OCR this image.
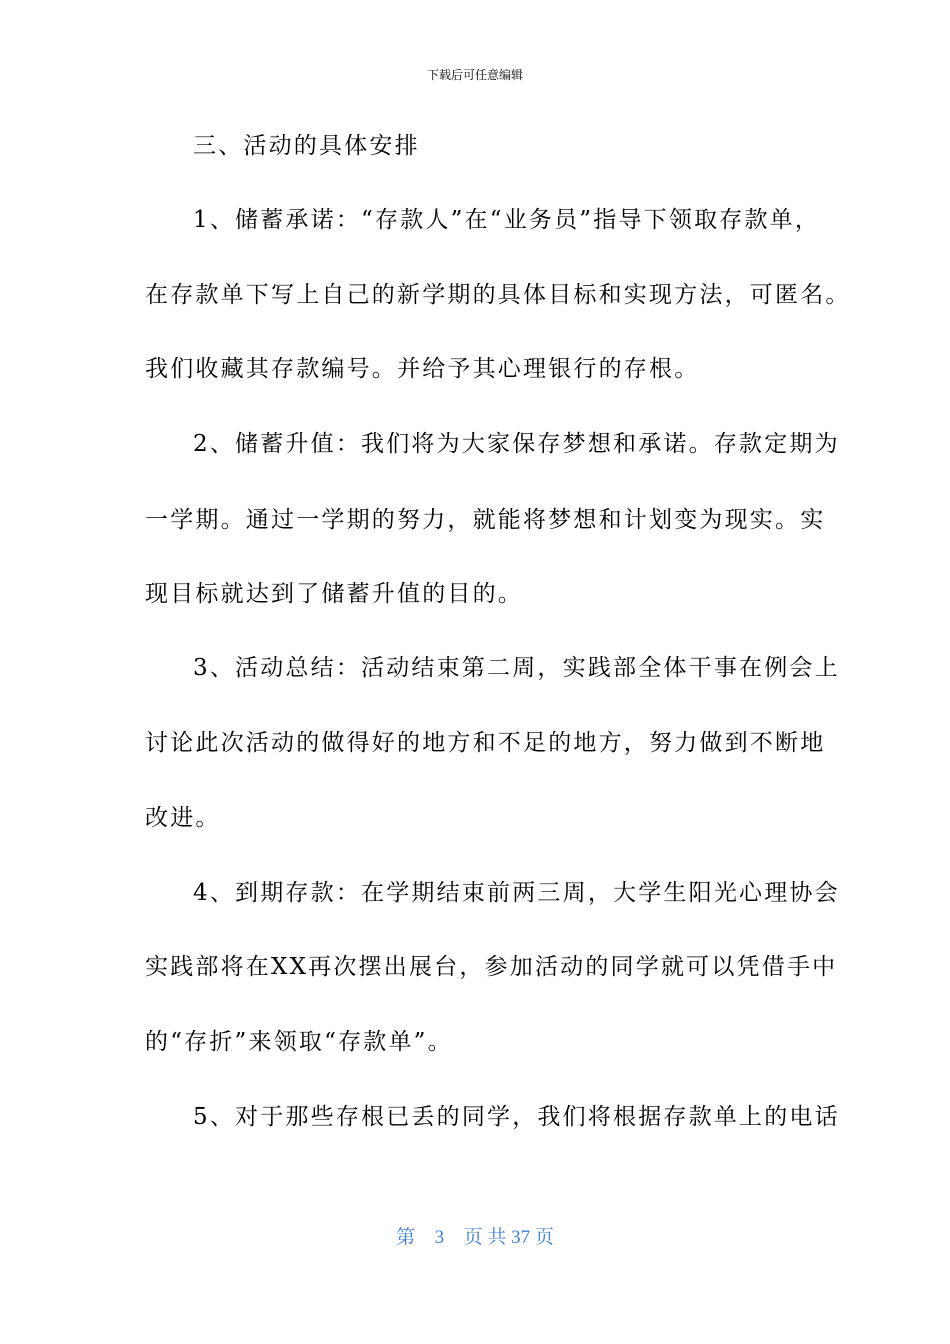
下载后可任意编辑
三、活动的具体安排
1、储蓄承诺：“存款人”在“业务员”指导下领取存款单，
在存款单下写上自己的新学期的具体目标和实现方法，可匿名。
我们收藏其存款编号。并给予其心理银行的存根。
2、储蓄升值：我们将为大家保存梦想和承诺。存款定期为
一学期。通过一学期的努力，就能将梦想和计划变为现实。实
现目标就达到了储蓄升值的目的。
3、活动总结：活动结束第二周，实践部全体干事在例会上
讨论此次活动的做得好的地方和不足的地方，努力做到不断地
改进。
4、到期存款：在学期结束前两三周，大学生阳光心理协会
实践部将在XX再次摆出展台，参加活动的同学就可以凭借手中
的“存折”来领取“存款单”。
5、对于那些存根已丢的同学，我们将根据存款单上的电话
第 3 页 共 37 页
